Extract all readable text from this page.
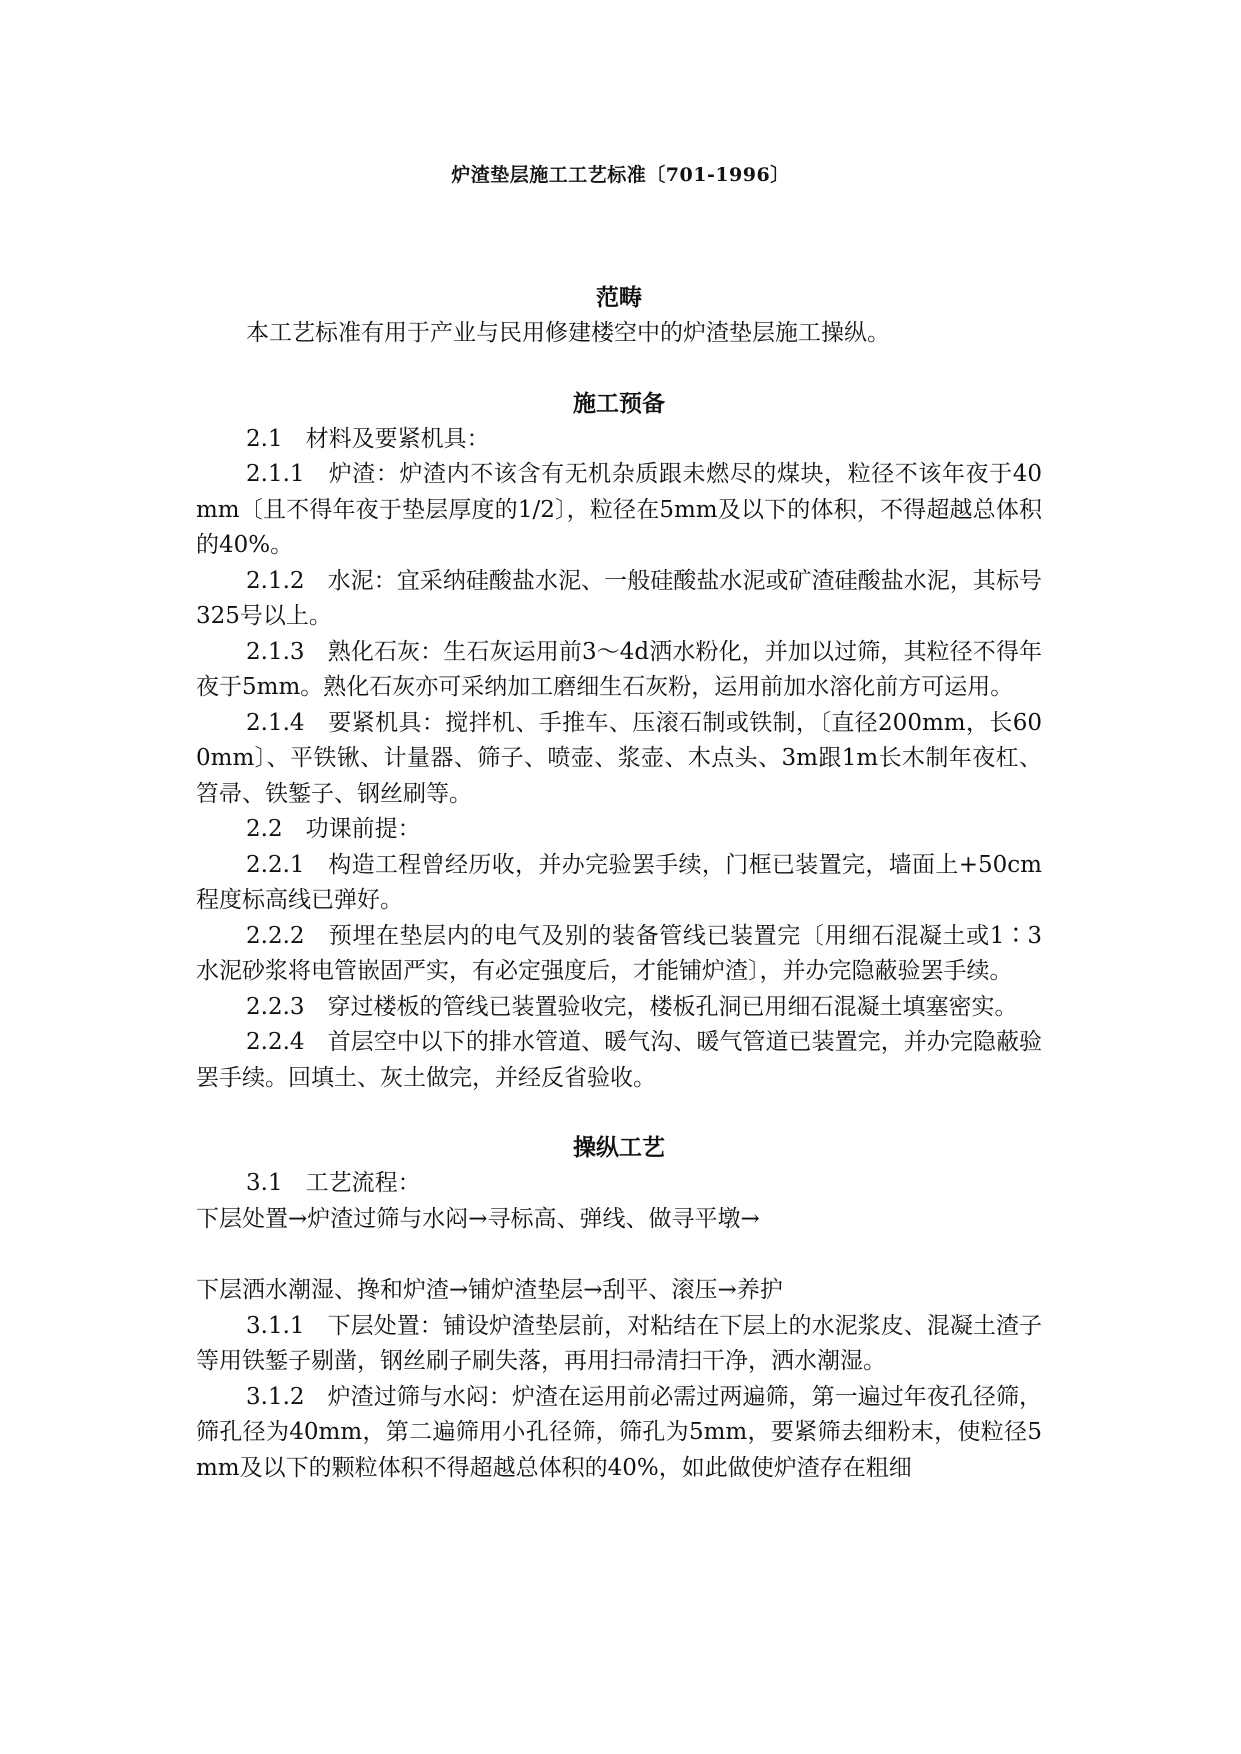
炉渣垫层施工工艺标准〔701-1996〕
范畴

本工艺标准有用于产业与民用修建楼空中的炉渣垫层施工操纵。

施工预备

2.1　材料及要紧机具：

2.1.1　炉渣：炉渣内不该含有无机杂质跟未燃尽的煤块，粒径不该年夜于40mm〔且不得年夜于垫层厚度的1/2〕，粒径在5mm及以下的体积，不得超越总体积的40%。

2.1.2　水泥：宜采纳硅酸盐水泥、一般硅酸盐水泥或矿渣硅酸盐水泥，其标号325号以上。

2.1.3　熟化石灰：生石灰运用前3～4d洒水粉化，并加以过筛，其粒径不得年夜于5mm。熟化石灰亦可采纳加工磨细生石灰粉，运用前加水溶化前方可运用。

2.1.4　要紧机具：搅拌机、手推车、压滚石制或铁制，〔直径200mm，长600mm〕、平铁锹、计量器、筛子、喷壶、浆壶、木点头、3m跟1m长木制年夜杠、笤帚、铁錾子、钢丝刷等。

2.2　功课前提：

2.2.1　构造工程曾经历收，并办完验罢手续，门框已装置完，墙面上+50cm程度标高线已弹好。

2.2.2　预埋在垫层内的电气及别的装备管线已装置完〔用细石混凝土或1∶3水泥砂浆将电管嵌固严实，有必定强度后，才能铺炉渣〕，并办完隐蔽验罢手续。

2.2.3　穿过楼板的管线已装置验收完，楼板孔洞已用细石混凝土填塞密实。

2.2.4　首层空中以下的排水管道、暖气沟、暖气管道已装置完，并办完隐蔽验罢手续。回填土、灰土做完，并经反省验收。

操纵工艺

3.1　工艺流程：

下层处置→炉渣过筛与水闷→寻标高、弹线、做寻平墩→

下层洒水潮湿、搀和炉渣→铺炉渣垫层→刮平、滚压→养护

3.1.1　下层处置：铺设炉渣垫层前，对粘结在下层上的水泥浆皮、混凝土渣子等用铁錾子剔凿，钢丝刷子刷失落，再用扫帚清扫干净，洒水潮湿。

3.1.2　炉渣过筛与水闷：炉渣在运用前必需过两遍筛，第一遍过年夜孔径筛，筛孔径为40mm，第二遍筛用小孔径筛，筛孔为5mm，要紧筛去细粉末，使粒径5mm及以下的颗粒体积不得超越总体积的40%，如此做使炉渣存在粗细
